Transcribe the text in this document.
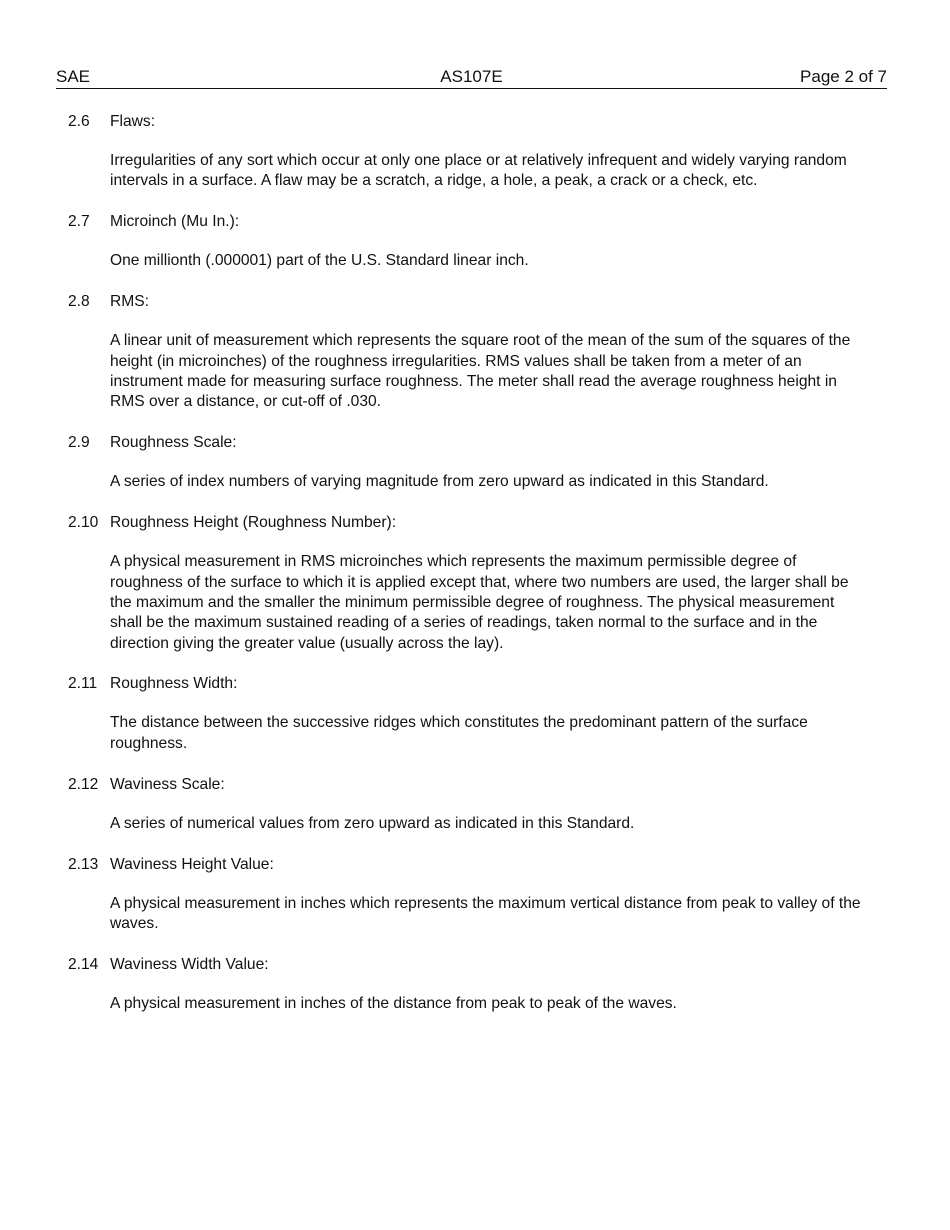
SAE	AS107E	Page 2 of 7
2.6 Flaws:
Irregularities of any sort which occur at only one place or at relatively infrequent and widely varying random intervals in a surface. A flaw may be a scratch, a ridge, a hole, a peak, a crack or a check, etc.
2.7 Microinch (Mu In.):
One millionth (.000001) part of the U.S. Standard linear inch.
2.8 RMS:
A linear unit of measurement which represents the square root of the mean of the sum of the squares of the height (in microinches) of the roughness irregularities. RMS values shall be taken from a meter of an instrument made for measuring surface roughness. The meter shall read the average roughness height in RMS over a distance, or cut-off of .030.
2.9 Roughness Scale:
A series of index numbers of varying magnitude from zero upward as indicated in this Standard.
2.10 Roughness Height (Roughness Number):
A physical measurement in RMS microinches which represents the maximum permissible degree of roughness of the surface to which it is applied except that, where two numbers are used, the larger shall be the maximum and the smaller the minimum permissible degree of roughness. The physical measurement shall be the maximum sustained reading of a series of readings, taken normal to the surface and in the direction giving the greater value (usually across the lay).
2.11 Roughness Width:
The distance between the successive ridges which constitutes the predominant pattern of the surface roughness.
2.12 Waviness Scale:
A series of numerical values from zero upward as indicated in this Standard.
2.13 Waviness Height Value:
A physical measurement in inches which represents the maximum vertical distance from peak to valley of the waves.
2.14 Waviness Width Value:
A physical measurement in inches of the distance from peak to peak of the waves.
